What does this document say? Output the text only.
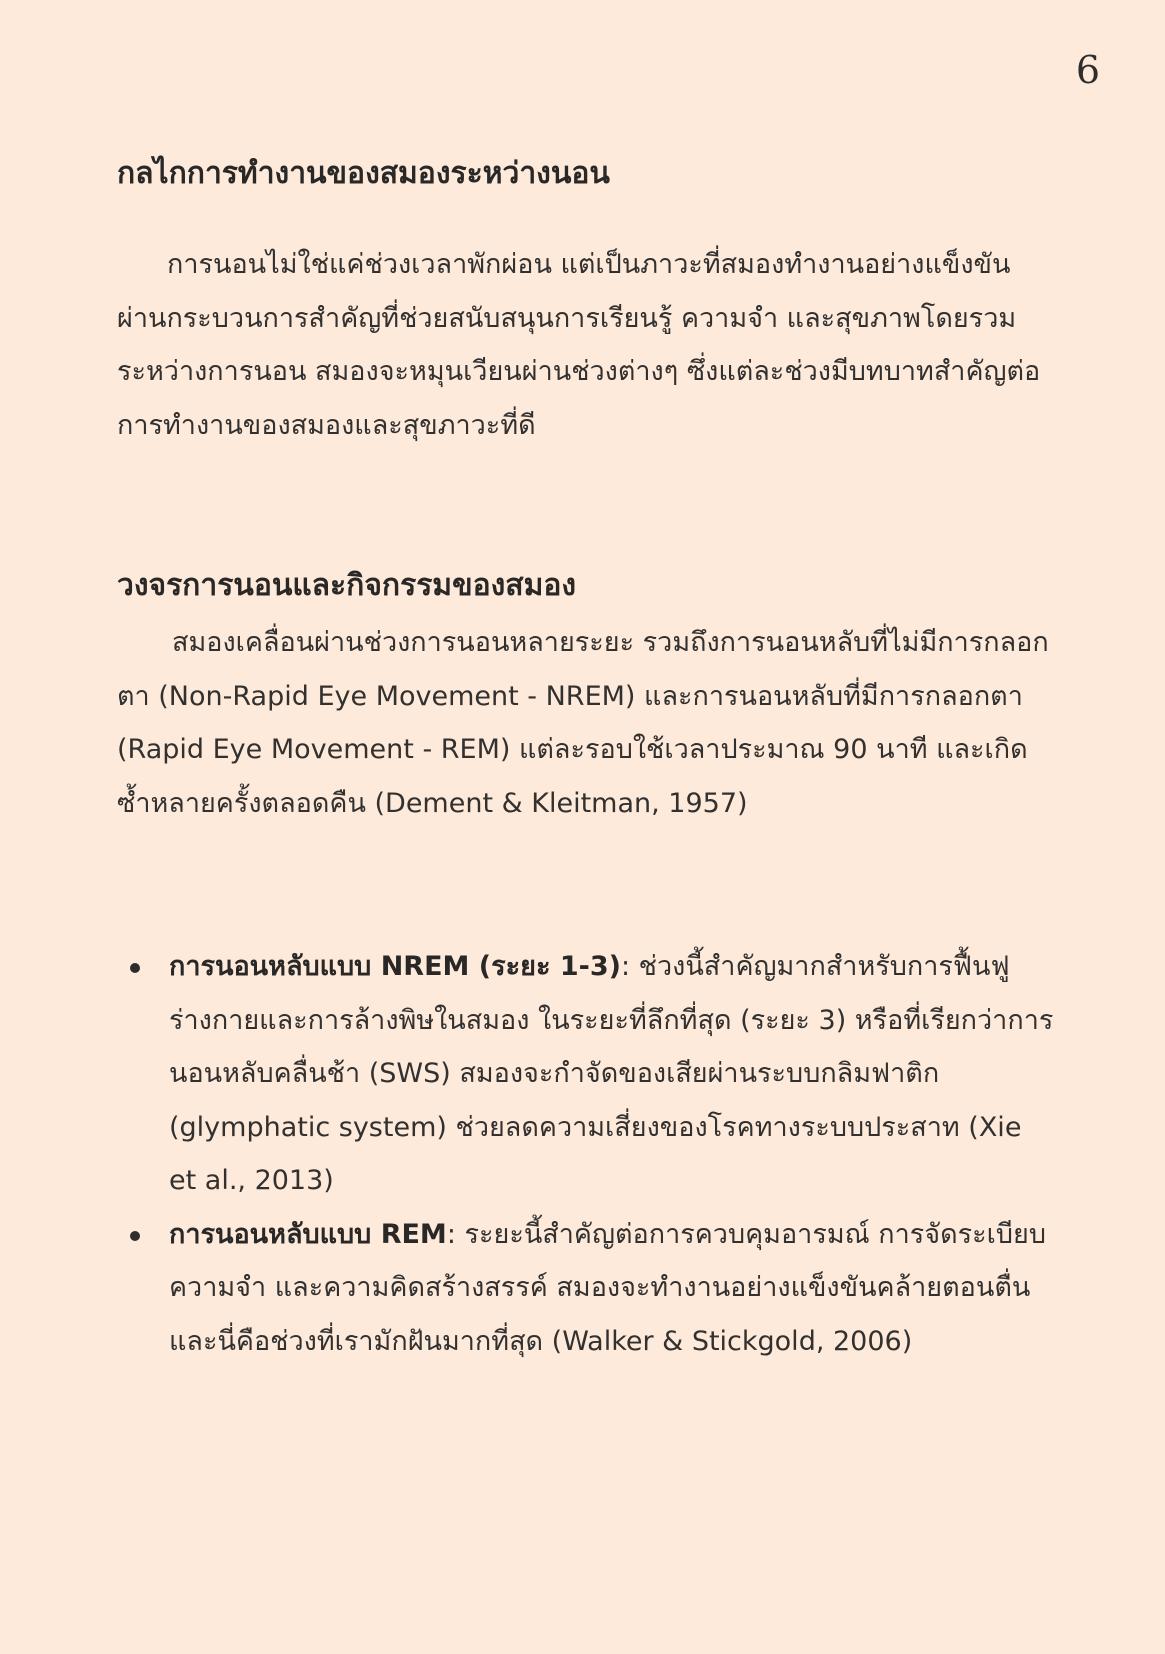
6
กลไกการทำงานของสมองระหว่างนอน

การนอนไม่ใช่แค่ช่วงเวลาพักผ่อน แต่เป็นภาวะที่สมองทำงานอย่างแข็งขัน ผ่านกระบวนการสำคัญที่ช่วยสนับสนุนการเรียนรู้ ความจำ และสุขภาพโดยรวม ระหว่างการนอน สมองจะหมุนเวียนผ่านช่วงต่างๆ ซึ่งแต่ละช่วงมีบทบาทสำคัญต่อการทำงานของสมองและสุขภาวะที่ดี

วงจรการนอนและกิจกรรมของสมอง

สมองเคลื่อนผ่านช่วงการนอนหลายระยะ รวมถึงการนอนหลับที่ไม่มีการกลอกตา (Non-Rapid Eye Movement - NREM) และการนอนหลับที่มีการกลอกตา (Rapid Eye Movement - REM) แต่ละรอบใช้เวลาประมาณ 90 นาที และเกิดซ้ำหลายครั้งตลอดคืน (Dement & Kleitman, 1957)

การนอนหลับแบบ NREM (ระยะ 1-3): ช่วงนี้สำคัญมากสำหรับการฟื้นฟูร่างกายและการล้างพิษในสมอง ในระยะที่ลึกที่สุด (ระยะ 3) หรือที่เรียกว่าการนอนหลับคลื่นช้า (SWS) สมองจะกำจัดของเสียผ่านระบบกลิมฟาติก (glymphatic system) ช่วยลดความเสี่ยงของโรคทางระบบประสาท (Xie et al., 2013)
การนอนหลับแบบ REM: ระยะนี้สำคัญต่อการควบคุมอารมณ์ การจัดระเบียบความจำ และความคิดสร้างสรรค์ สมองจะทำงานอย่างแข็งขันคล้ายตอนตื่น และนี่คือช่วงที่เรามักฝันมากที่สุด (Walker & Stickgold, 2006)
